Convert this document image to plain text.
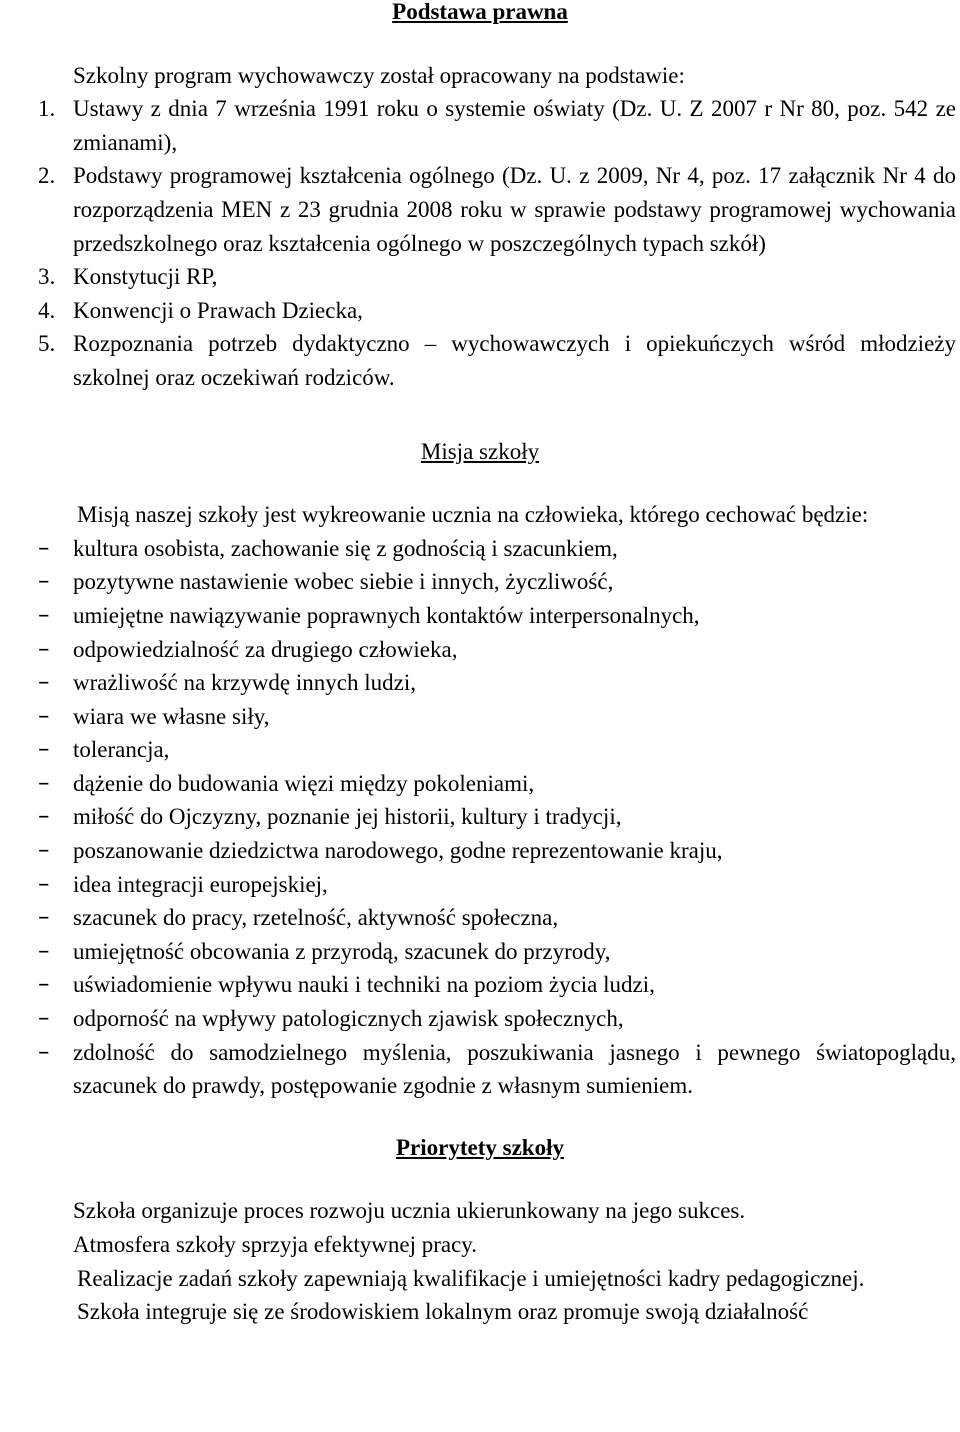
Podstawa prawna

Szkolny program wychowawczy został opracowany na podstawie:

1. Ustawy z dnia 7 września 1991 roku o systemie oświaty (Dz. U. Z 2007 r Nr 80, poz. 542 ze zmianami),
2. Podstawy programowej kształcenia ogólnego (Dz. U. z 2009, Nr 4, poz. 17 załącznik Nr 4 do rozporządzenia MEN z 23 grudnia 2008 roku w sprawie podstawy programowej wychowania przedszkolnego oraz kształcenia ogólnego w poszczególnych typach szkół)
3. Konstytucji RP,
4. Konwencji o Prawach Dziecka,
5. Rozpoznania potrzeb dydaktyczno – wychowawczych i opiekuńczych wśród młodzieży szkolnej oraz oczekiwań rodziców.

Misja szkoły

Misją naszej szkoły jest wykreowanie ucznia na człowieka, którego cechować będzie:

– kultura osobista, zachowanie się z godnością i szacunkiem,
– pozytywne nastawienie wobec siebie i innych, życzliwość,
– umiejętne nawiązywanie poprawnych kontaktów interpersonalnych,
– odpowiedzialność za drugiego człowieka,
– wrażliwość na krzywdę innych ludzi,
– wiara we własne siły,
– tolerancja,
– dążenie do budowania więzi między pokoleniami,
– miłość do Ojczyzny, poznanie jej historii, kultury i tradycji,
– poszanowanie dziedzictwa narodowego, godne reprezentowanie kraju,
– idea integracji europejskiej,
– szacunek do pracy, rzetelność, aktywność społeczna,
– umiejętność obcowania z przyrodą, szacunek do przyrody,
– uświadomienie wpływu nauki i techniki na poziom życia ludzi,
– odporność na wpływy patologicznych zjawisk społecznych,
– zdolność do samodzielnego myślenia, poszukiwania jasnego i pewnego światopoglądu, szacunek do prawdy, postępowanie zgodnie z własnym sumieniem.

Priorytety szkoły

Szkoła organizuje proces rozwoju ucznia ukierunkowany na jego sukces.

Atmosfera szkoły sprzyja efektywnej pracy.

Realizacje zadań szkoły zapewniają kwalifikacje i umiejętności kadry pedagogicznej.

Szkoła integruje się ze środowiskiem lokalnym oraz promuje swoją działalność
